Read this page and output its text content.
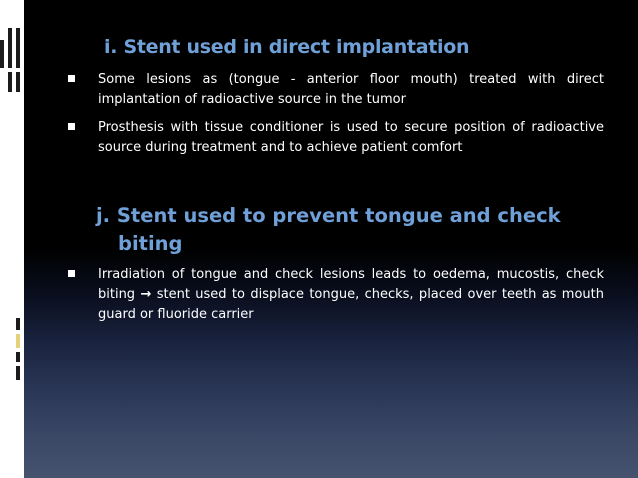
i. Stent used in direct implantation
Some lesions as (tongue - anterior floor mouth) treated with direct implantation of radioactive source in the tumor
Prosthesis with tissue conditioner is used to secure position of radioactive source during treatment and to achieve patient comfort
j. Stent used to prevent tongue and check
biting
Irradiation of tongue and check lesions leads to oedema, mucostis, check biting → stent used to displace tongue, checks, placed over teeth as mouth guard or fluoride carrier
